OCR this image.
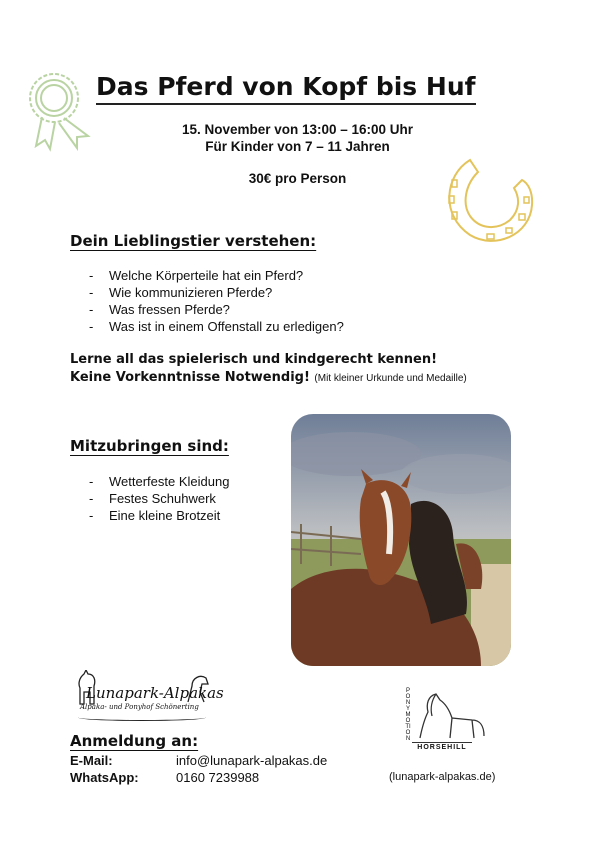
Das Pferd von Kopf bis Huf
15. November von 13:00 – 16:00 Uhr
Für Kinder von 7 – 11 Jahren
30€ pro Person
Dein Lieblingstier verstehen:
- Welche Körperteile hat ein Pferd?
- Wie kommunizieren Pferde?
- Was fressen Pferde?
- Was ist in einem Offenstall zu erledigen?
Lerne all das spielerisch und kindgerecht kennen!
Keine Vorkenntnisse Notwendig! (Mit kleiner Urkunde und Medaille)
Mitzubringen sind:
- Wetterfeste Kleidung
- Festes Schuhwerk
- Eine kleine Brotzeit
Lunapark-Alpakas
Alpaka- und Ponyhof Schönerting
PONY MOTION
HORSEHILL
Anmeldung an:
E-Mail:	info@lunapark-alpakas.de
WhatsApp:	0160 7239988	(lunapark-alpakas.de)
